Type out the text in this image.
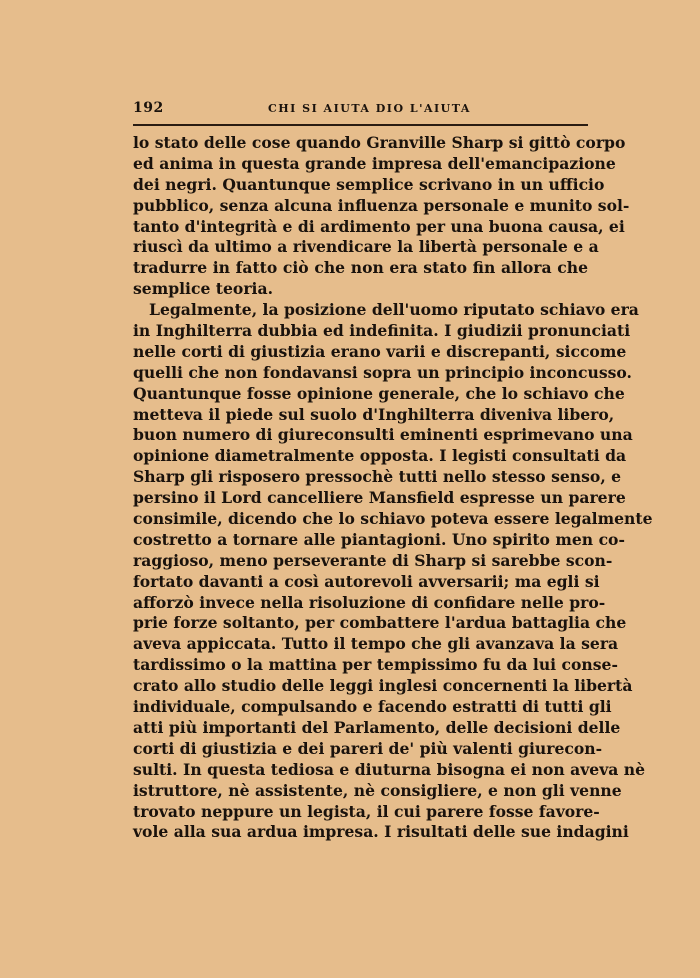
192	CHI SI AIUTA DIO L'AIUTA
lo stato delle cose quando Granville Sharp si gittò corpo
ed anima in questa grande impresa dell'emancipazione
dei negri. Quantunque semplice scrivano in un ufficio
pubblico, senza alcuna influenza personale e munito sol-
tanto d'integrità e di ardimento per una buona causa, ei
riuscì da ultimo a rivendicare la libertà personale e a
tradurre in fatto ciò che non era stato fin allora che
semplice teoria.
Legalmente, la posizione dell'uomo riputato schiavo era
in Inghilterra dubbia ed indefinita. I giudizii pronunciati
nelle corti di giustizia erano varii e discrepanti, siccome
quelli che non fondavansi sopra un principio inconcusso.
Quantunque fosse opinione generale, che lo schiavo che
metteva il piede sul suolo d'Inghilterra diveniva libero,
buon numero di giureconsulti eminenti esprimevano una
opinione diametralmente opposta. I legisti consultati da
Sharp gli risposero pressochè tutti nello stesso senso, e
persino il Lord cancelliere Mansfield espresse un parere
consimile, dicendo che lo schiavo poteva essere legalmente
costretto a tornare alle piantagioni. Uno spirito men co-
raggioso, meno perseverante di Sharp si sarebbe scon-
fortato davanti a così autorevoli avversarii; ma egli si
afforzò invece nella risoluzione di confidare nelle pro-
prie forze soltanto, per combattere l'ardua battaglia che
aveva appiccata. Tutto il tempo che gli avanzava la sera
tardissimo o la mattina per tempissimo fu da lui conse-
crato allo studio delle leggi inglesi concernenti la libertà
individuale, compulsando e facendo estratti di tutti gli
atti più importanti del Parlamento, delle decisioni delle
corti di giustizia e dei pareri de' più valenti giurecon-
sulti. In questa tediosa e diuturna bisogna ei non aveva nè
istruttore, nè assistente, nè consigliere, e non gli venne
trovato neppure un legista, il cui parere fosse favore-
vole alla sua ardua impresa. I risultati delle sue indagini
